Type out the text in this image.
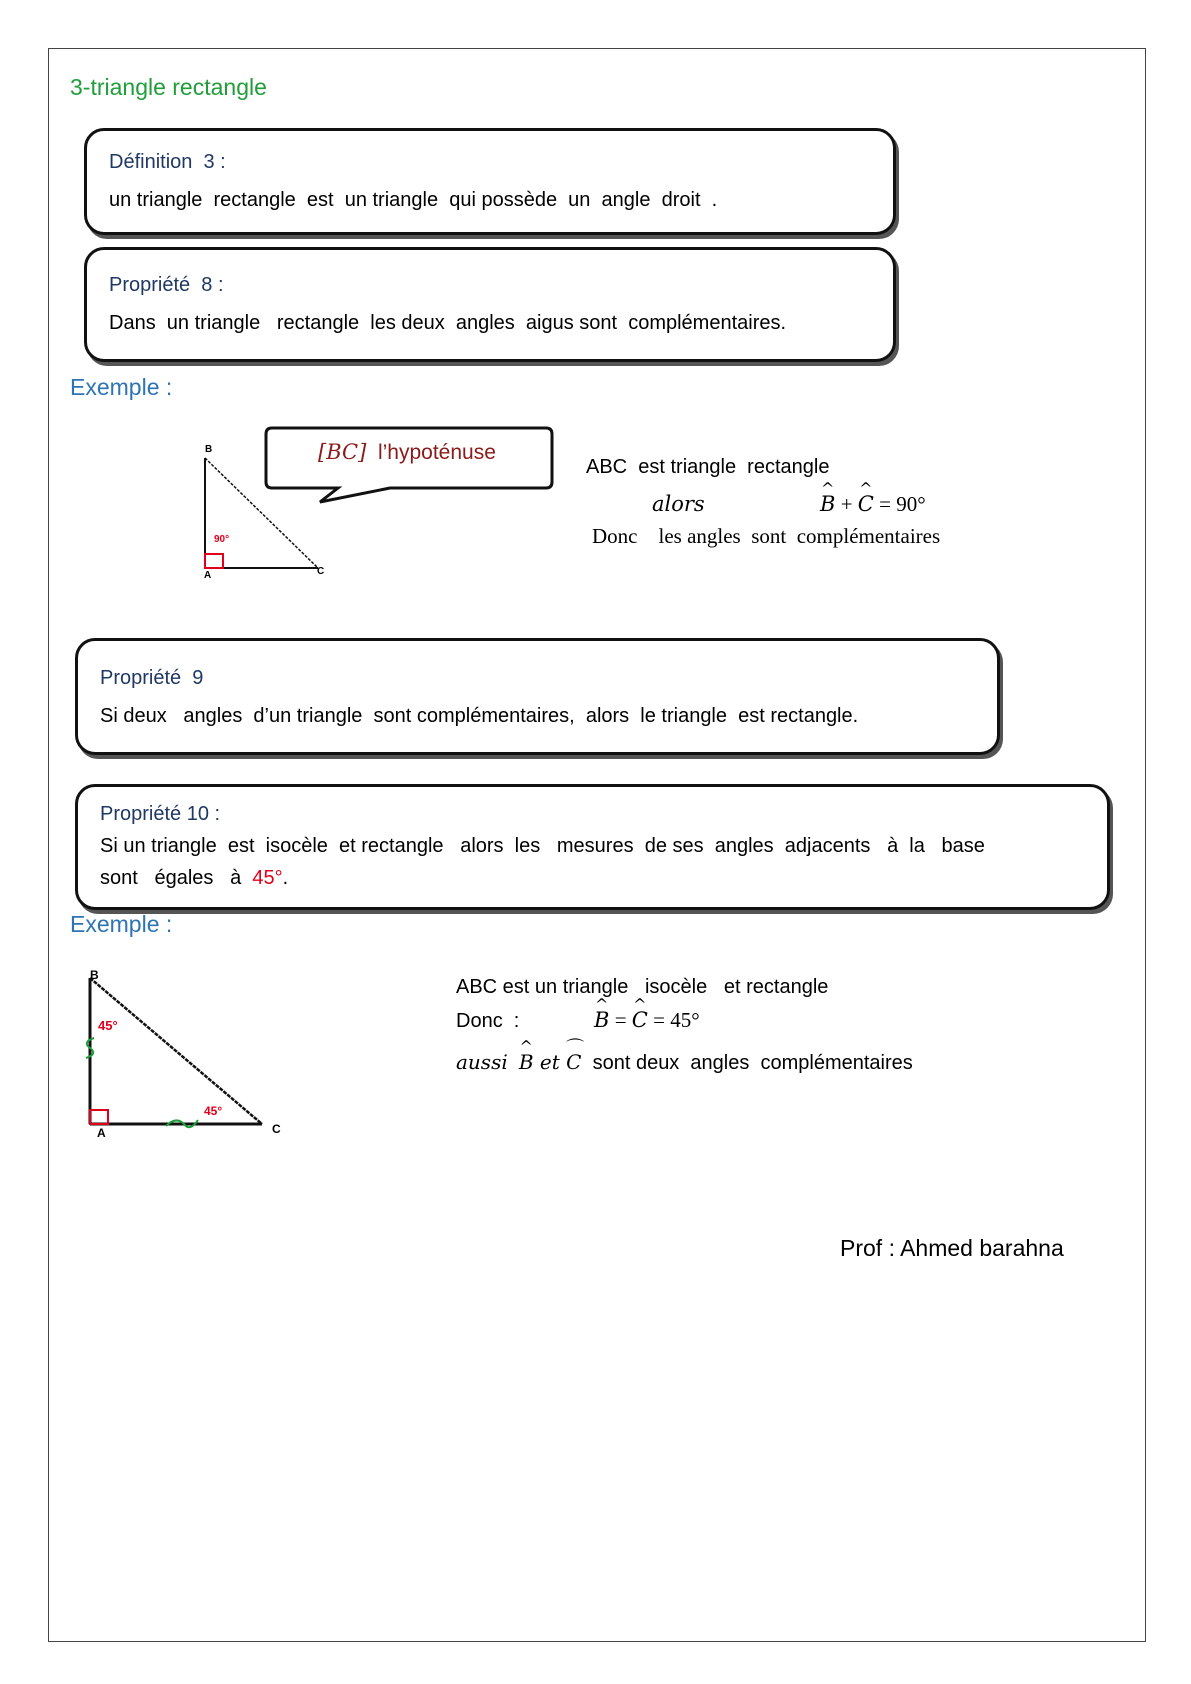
3-triangle rectangle
Définition  3 :
un triangle  rectangle  est  un triangle  qui possède  un  angle  droit  .
Propriété  8 :
Dans  un triangle   rectangle  les deux  angles  aigus sont  complémentaires.
Exemple :
B
A	C
90°
[BC] l’hypoténuse
ABC  est triangle  rectangle
alors	^ B + ^ C = 90°
Donc    les angles  sont  complémentaires
Propriété  9
Si deux   angles  d’un triangle  sont complémentaires,  alors  le triangle  est rectangle.
Propriété 10 :
Si un triangle  est  isocèle  et rectangle   alors  les   mesures  de ses  angles  adjacents   à  la   base
sont   égales   à  45°.
Exemple :
B
A	C
45°
45°
ABC est un triangle   isocèle   et rectangle
Donc  :	^ B = ^ C = 45°
aussi ^ B et ⌒ C  sont deux  angles  complémentaires
Prof : Ahmed barahna
